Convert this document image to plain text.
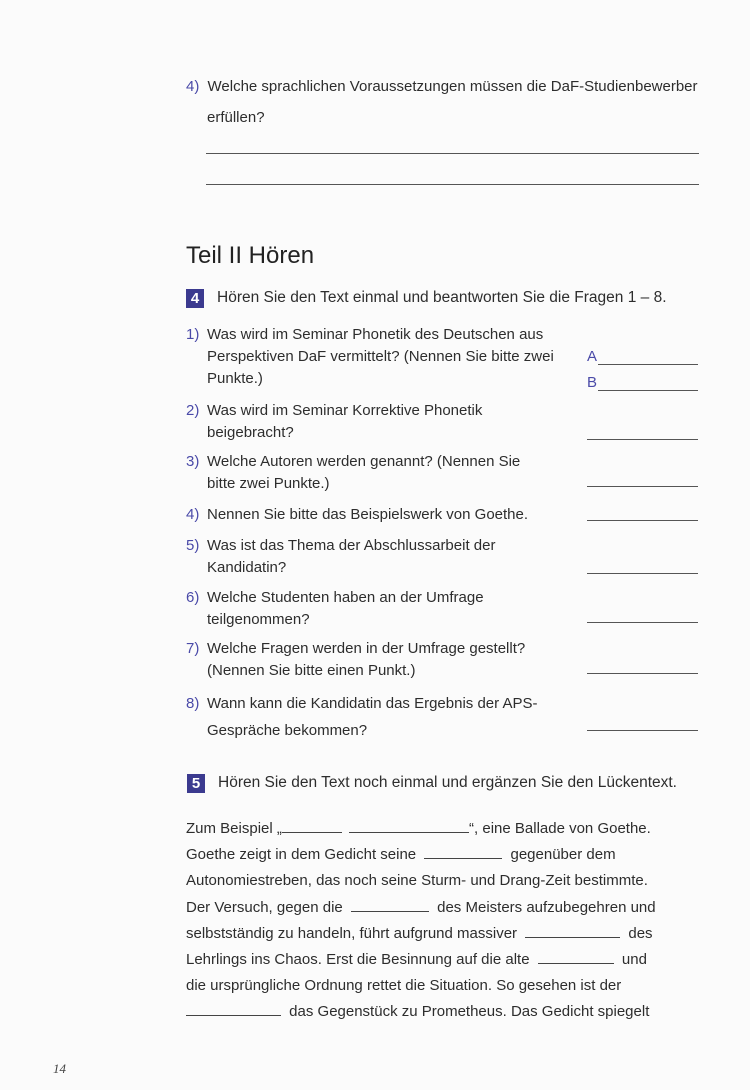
4) Welche sprachlichen Voraussetzungen müssen die DaF-Studienbewerber
erfüllen?
Teil II Hören
4	Hören Sie den Text einmal und beantworten Sie die Fragen 1 – 8.
1) Was wird im Seminar Phonetik des Deutschen aus Perspektiven DaF vermittelt? (Nennen Sie bitte zwei Punkte.)
A
B
2) Was wird im Seminar Korrektive Phonetik beigebracht?
3) Welche Autoren werden genannt? (Nennen Sie bitte zwei Punkte.)
4) Nennen Sie bitte das Beispielswerk von Goethe.
5) Was ist das Thema der Abschlussarbeit der Kandidatin?
6) Welche Studenten haben an der Umfrage teilgenommen?
7) Welche Fragen werden in der Umfrage gestellt? (Nennen Sie bitte einen Punkt.)
8) Wann kann die Kandidatin das Ergebnis der APS-Gespräche bekommen?
5	Hören Sie den Text noch einmal und ergänzen Sie den Lückentext.
Zum Beispiel „	“, eine Ballade von Goethe.
Goethe zeigt in dem Gedicht seine	gegenüber dem
Autonomiestreben, das noch seine Sturm- und Drang-Zeit bestimmte.
Der Versuch, gegen die	des Meisters aufzubegehren und
selbstständig zu handeln, führt aufgrund massiver	des
Lehrlings ins Chaos. Erst die Besinnung auf die alte	und
die ursprüngliche Ordnung rettet die Situation. So gesehen ist der
das Gegenstück zu Prometheus. Das Gedicht spiegelt
14
